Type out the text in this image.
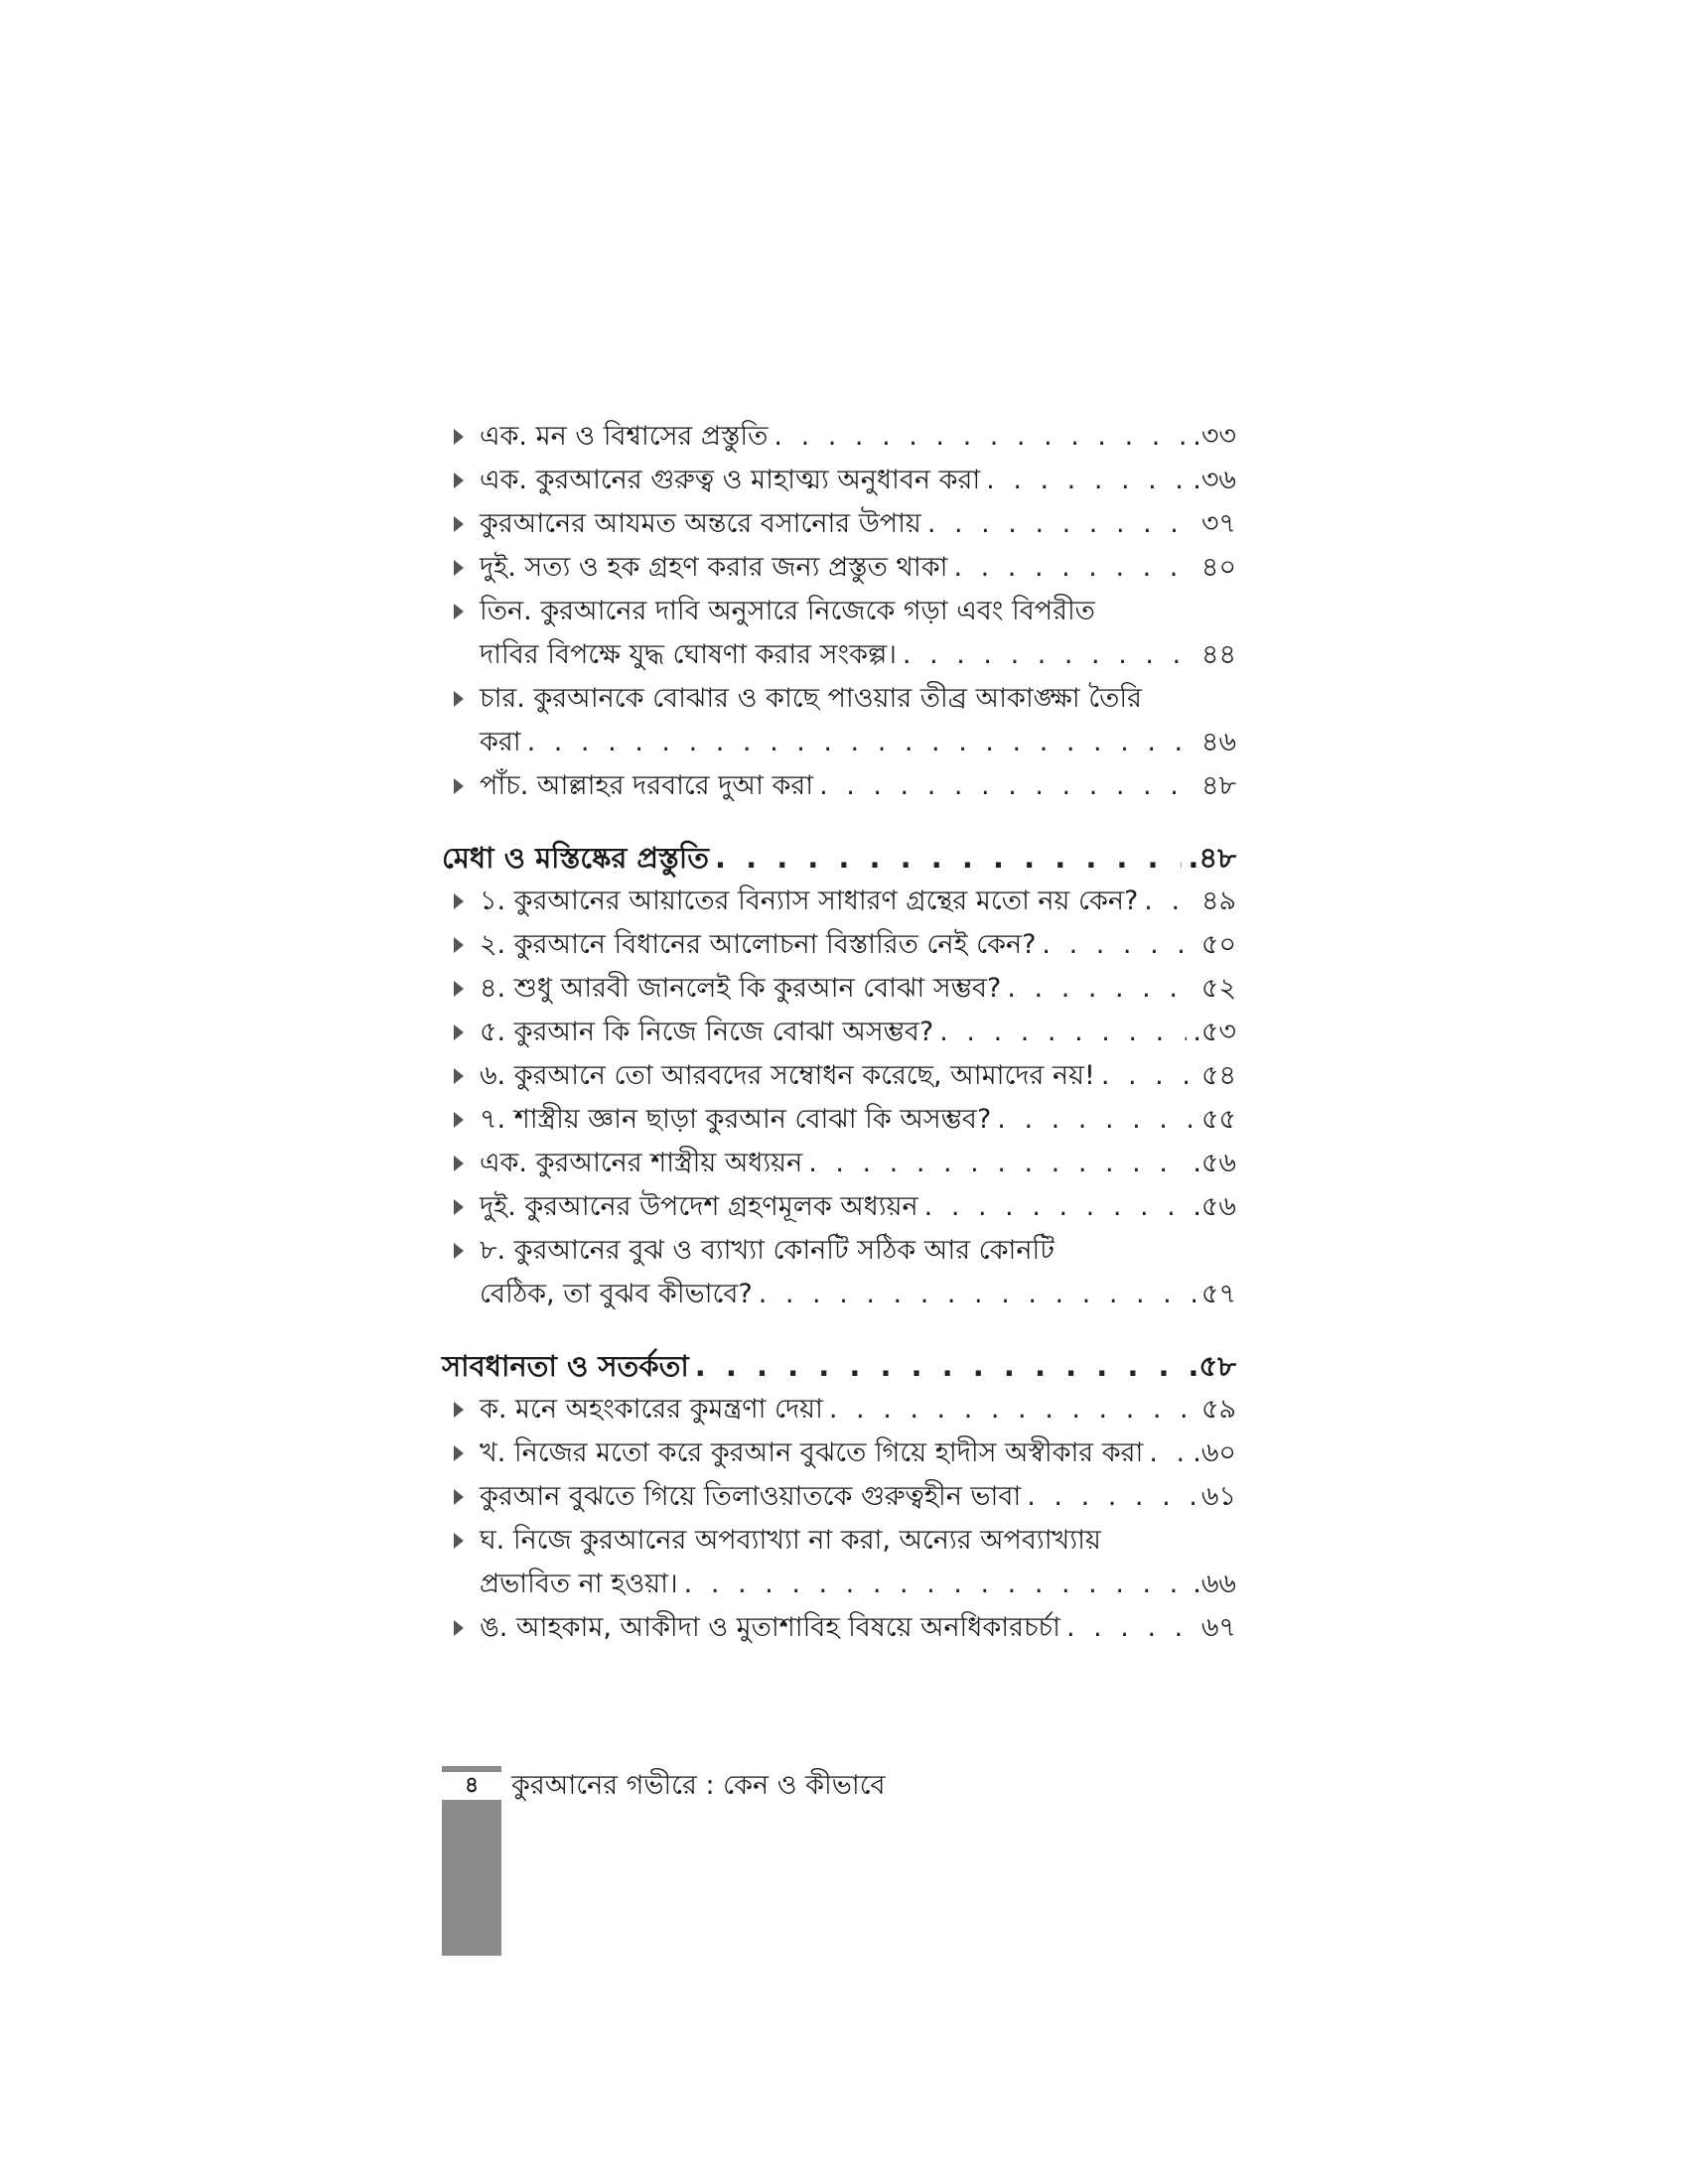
এক. মন ও বিশ্বাসের প্রস্তুতি . . .	.৩৩
এক. কুরআনের গুরুত্ব ও মাহাত্ম্য অনুধাবন করা . . .	.৩৬
কুরআনের আযমত অন্তরে বসানোর উপায় . . .	৩৭
দুই. সত্য ও হক গ্রহণ করার জন্য প্রস্তুত থাকা . . .	৪০
তিন. কুরআনের দাবি অনুসারে নিজেকে গড়া এবং বিপরীত
দাবির বিপক্ষে যুদ্ধ ঘোষণা করার সংকল্প। . . .	৪৪
চার. কুরআনকে বোঝার ও কাছে পাওয়ার তীব্র আকাঙ্ক্ষা তৈরি
করা . . .	৪৬
পাঁচ. আল্লাহর দরবারে দুআ করা . . .	৪৮
মেধা ও মস্তিষ্কের প্রস্তুতি . . .	.৪৮
১. কুরআনের আয়াতের বিন্যাস সাধারণ গ্রন্থের মতো নয় কেন? . . . ৪৯
২. কুরআনে বিধানের আলোচনা বিস্তারিত নেই কেন? . . .	৫০
৪. শুধু আরবী জানলেই কি কুরআন বোঝা সম্ভব? . . .	৫২
৫. কুরআন কি নিজে নিজে বোঝা অসম্ভব? . . .	.৫৩
৬. কুরআনে তো আরবদের সম্বোধন করেছে, আমাদের নয়! . . .	৫৪
৭. শাস্ত্রীয় জ্ঞান ছাড়া কুরআন বোঝা কি অসম্ভব? . . .	৫৫
এক. কুরআনের শাস্ত্রীয় অধ্যয়ন . . .	.৫৬
দুই. কুরআনের উপদেশ গ্রহণমূলক অধ্যয়ন . . .	.৫৬
৮. কুরআনের বুঝ ও ব্যাখ্যা কোনটি সঠিক আর কোনটি
বেঠিক, তা বুঝব কীভাবে? . . .	৫৭
সাবধানতা ও সতর্কতা . . .	.৫৮
ক. মনে অহংকারের কুমন্ত্রণা দেয়া . . .	৫৯
খ. নিজের মতো করে কুরআন বুঝতে গিয়ে হাদীস অস্বীকার করা . . . .৬০
কুরআন বুঝতে গিয়ে তিলাওয়াতকে গুরুত্বহীন ভাবা . . .	৬১
ঘ. নিজে কুরআনের অপব্যাখ্যা না করা, অন্যের অপব্যাখ্যায়
প্রভাবিত না হওয়া। . . .	.৬৬
ঙ. আহকাম, আকীদা ও মুতাশাবিহ বিষয়ে অনধিকারচর্চা . . .	৬৭
৪	কুরআনের গভীরে : কেন ও কীভাবে
